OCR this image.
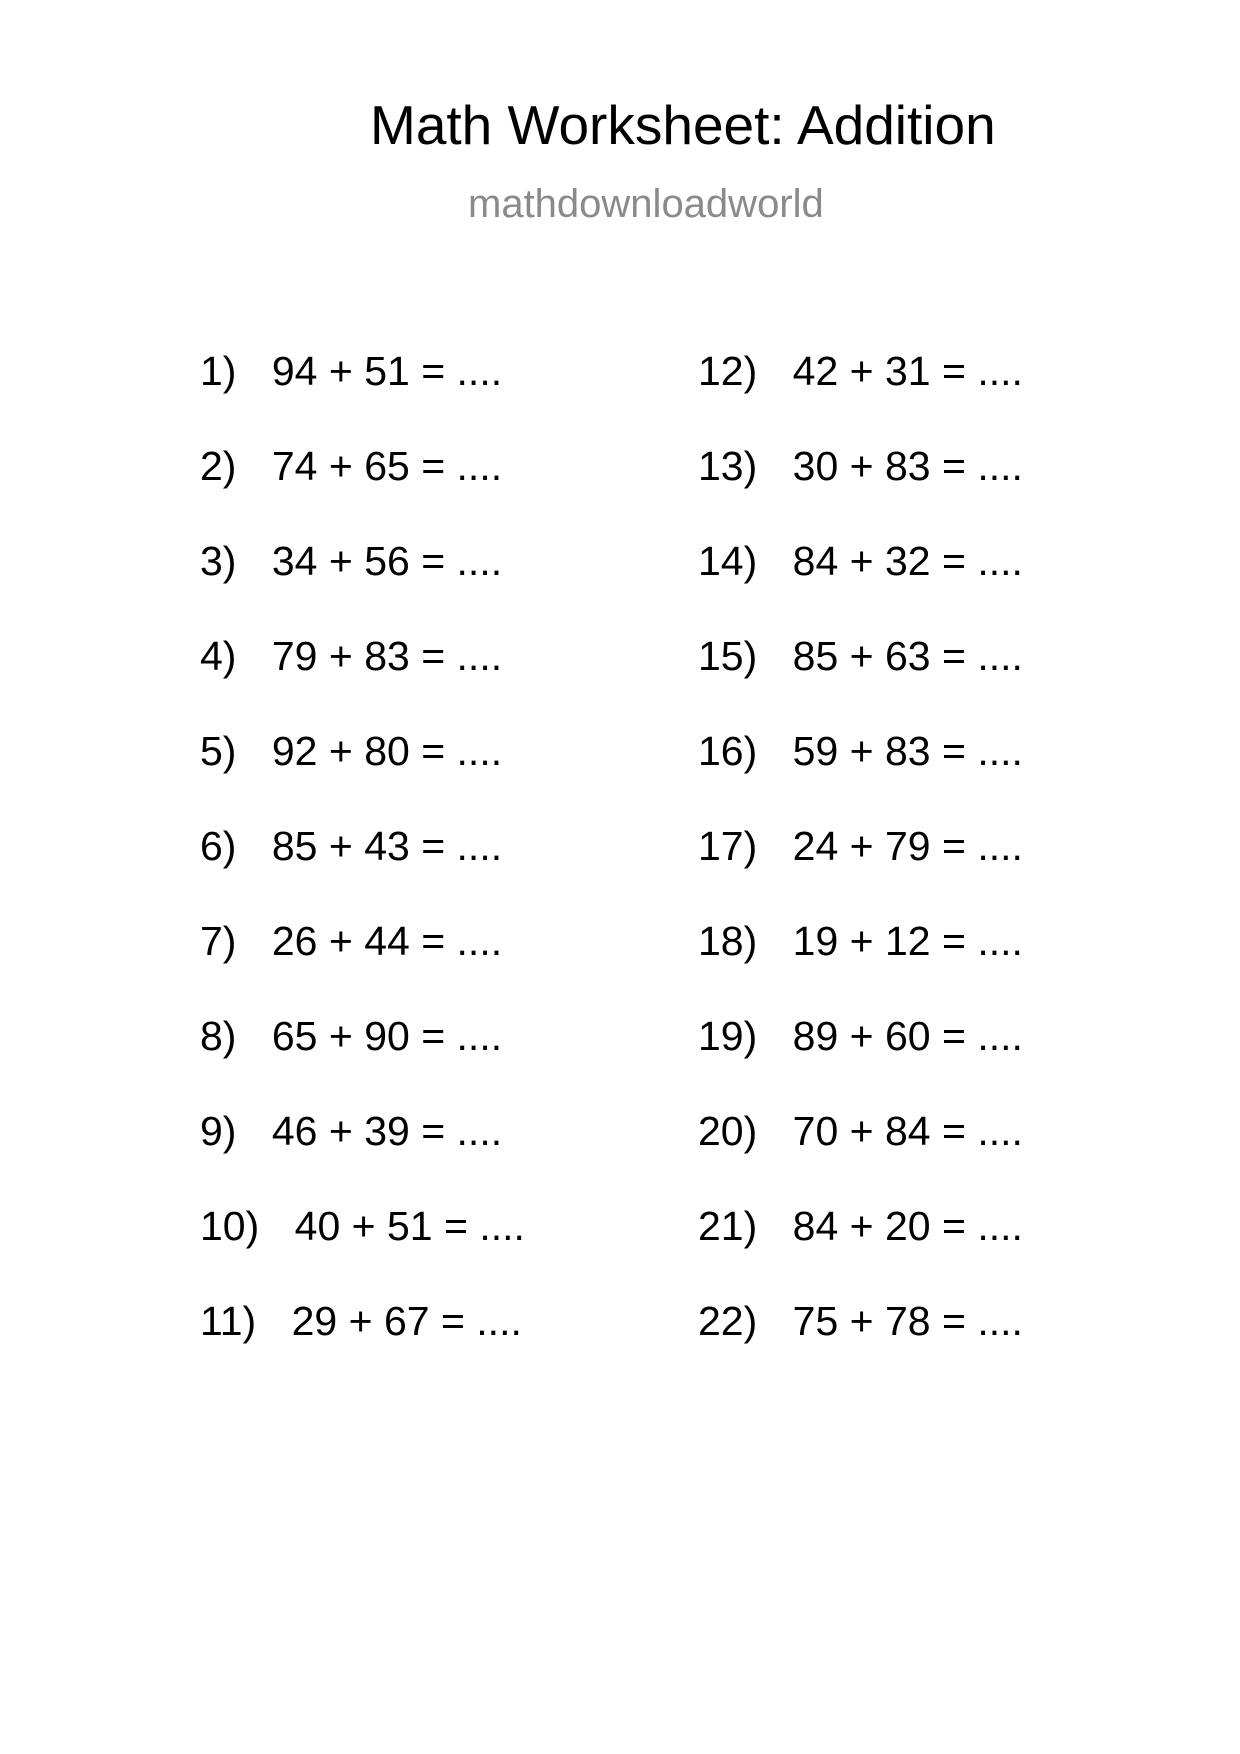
Math Worksheet: Addition
mathdownloadworld
1) 94 + 51 = ....
2) 74 + 65 = ....
3) 34 + 56 = ....
4) 79 + 83 = ....
5) 92 + 80 = ....
6) 85 + 43 = ....
7) 26 + 44 = ....
8) 65 + 90 = ....
9) 46 + 39 = ....
10) 40 + 51 = ....
11) 29 + 67 = ....
12) 42 + 31 = ....
13) 30 + 83 = ....
14) 84 + 32 = ....
15) 85 + 63 = ....
16) 59 + 83 = ....
17) 24 + 79 = ....
18) 19 + 12 = ....
19) 89 + 60 = ....
20) 70 + 84 = ....
21) 84 + 20 = ....
22) 75 + 78 = ....
